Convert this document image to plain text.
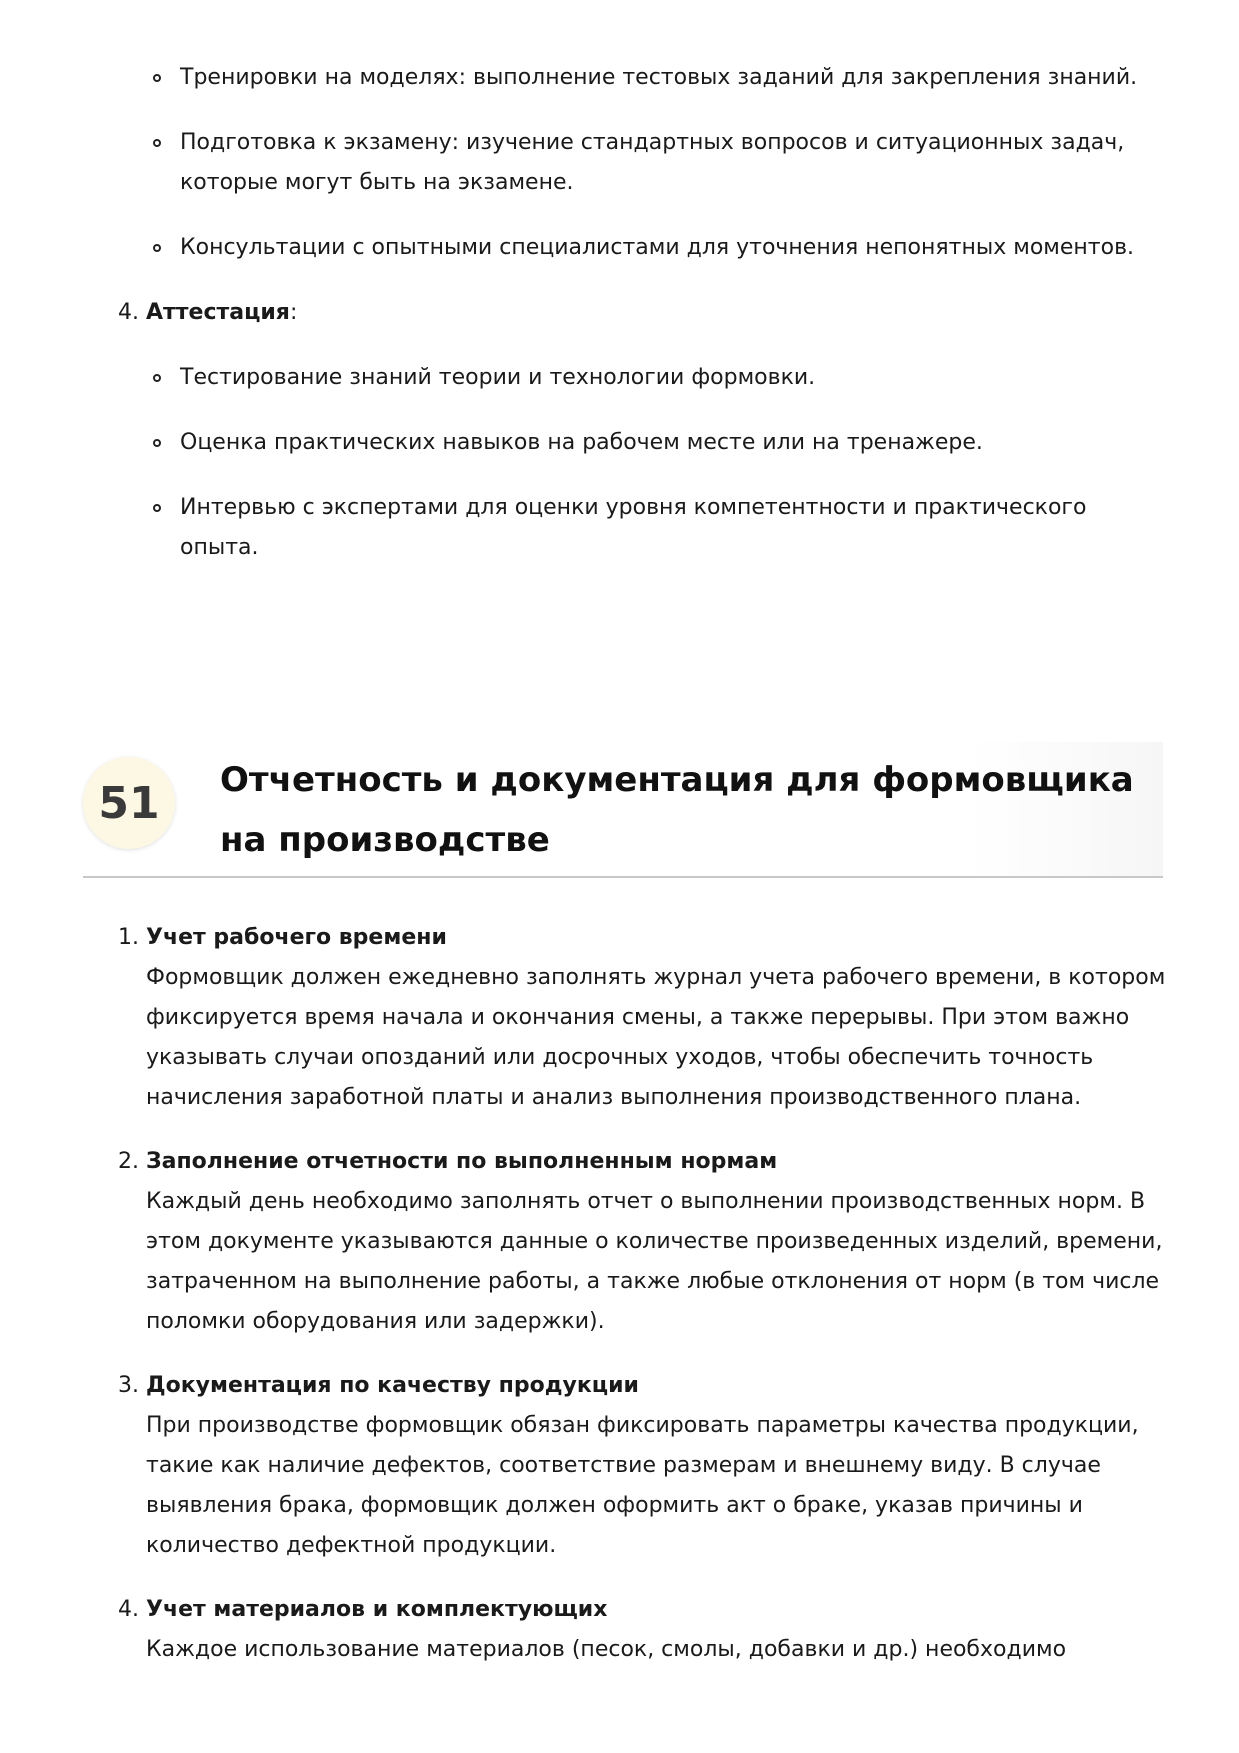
Тренировки на моделях: выполнение тестовых заданий для закрепления знаний.
Подготовка к экзамену: изучение стандартных вопросов и ситуационных задач, которые могут быть на экзамене.
Консультации с опытными специалистами для уточнения непонятных моментов.
4. Аттестация:
Тестирование знаний теории и технологии формовки.
Оценка практических навыков на рабочем месте или на тренажере.
Интервью с экспертами для оценки уровня компетентности и практического опыта.
51	Отчетность и документация для формовщика на производстве
1. Учет рабочего времени
Формовщик должен ежедневно заполнять журнал учета рабочего времени, в котором фиксируется время начала и окончания смены, а также перерывы. При этом важно указывать случаи опозданий или досрочных уходов, чтобы обеспечить точность начисления заработной платы и анализ выполнения производственного плана.
2. Заполнение отчетности по выполненным нормам
Каждый день необходимо заполнять отчет о выполнении производственных норм. В этом документе указываются данные о количестве произведенных изделий, времени, затраченном на выполнение работы, а также любые отклонения от норм (в том числе поломки оборудования или задержки).
3. Документация по качеству продукции
При производстве формовщик обязан фиксировать параметры качества продукции, такие как наличие дефектов, соответствие размерам и внешнему виду. В случае выявления брака, формовщик должен оформить акт о браке, указав причины и количество дефектной продукции.
4. Учет материалов и комплектующих
Каждое использование материалов (песок, смолы, добавки и др.) необходимо
